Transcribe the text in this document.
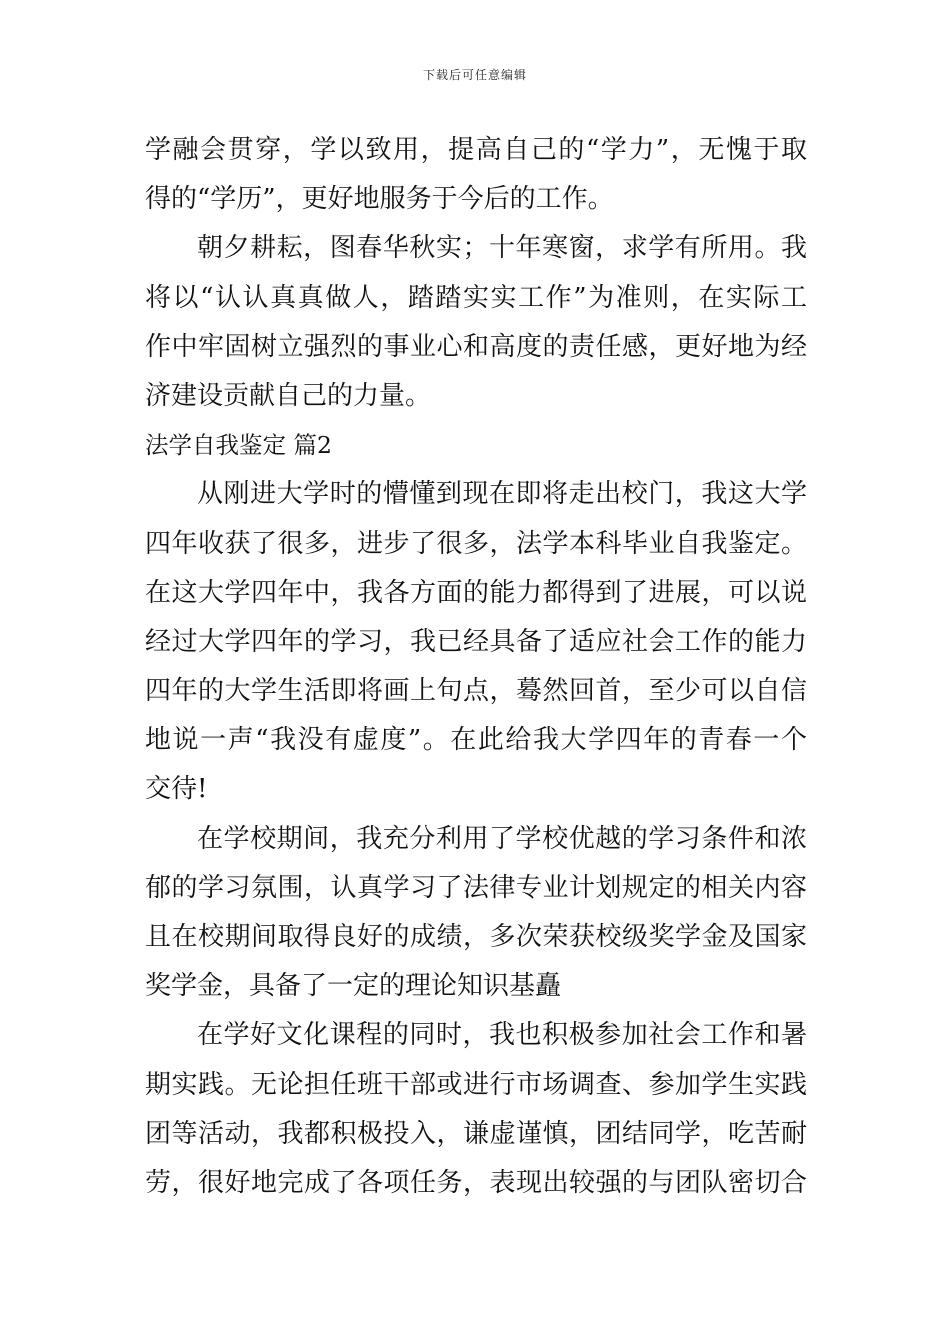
下载后可任意编辑
学融会贯穿，学以致用，提高自己的“学力”，无愧于取
得的“学历”，更好地服务于今后的工作。
朝夕耕耘，图春华秋实；十年寒窗，求学有所用。我
将以“认认真真做人，踏踏实实工作”为准则，在实际工
作中牢固树立强烈的事业心和高度的责任感，更好地为经
济建设贡献自己的力量。
法学自我鉴定 篇2
从刚进大学时的懵懂到现在即将走出校门，我这大学
四年收获了很多，进步了很多，法学本科毕业自我鉴定。
在这大学四年中，我各方面的能力都得到了进展，可以说
经过大学四年的学习，我已经具备了适应社会工作的能力
四年的大学生活即将画上句点，蓦然回首，至少可以自信
地说一声“我没有虚度”。在此给我大学四年的青春一个
交待!
在学校期间，我充分利用了学校优越的学习条件和浓
郁的学习氛围，认真学习了法律专业计划规定的相关内容
且在校期间取得良好的成绩，多次荣获校级奖学金及国家
奖学金，具备了一定的理论知识基矗
在学好文化课程的同时，我也积极参加社会工作和暑
期实践。无论担任班干部或进行市场调查、参加学生实践
团等活动，我都积极投入，谦虚谨慎，团结同学，吃苦耐
劳，很好地完成了各项任务，表现出较强的与团队密切合
